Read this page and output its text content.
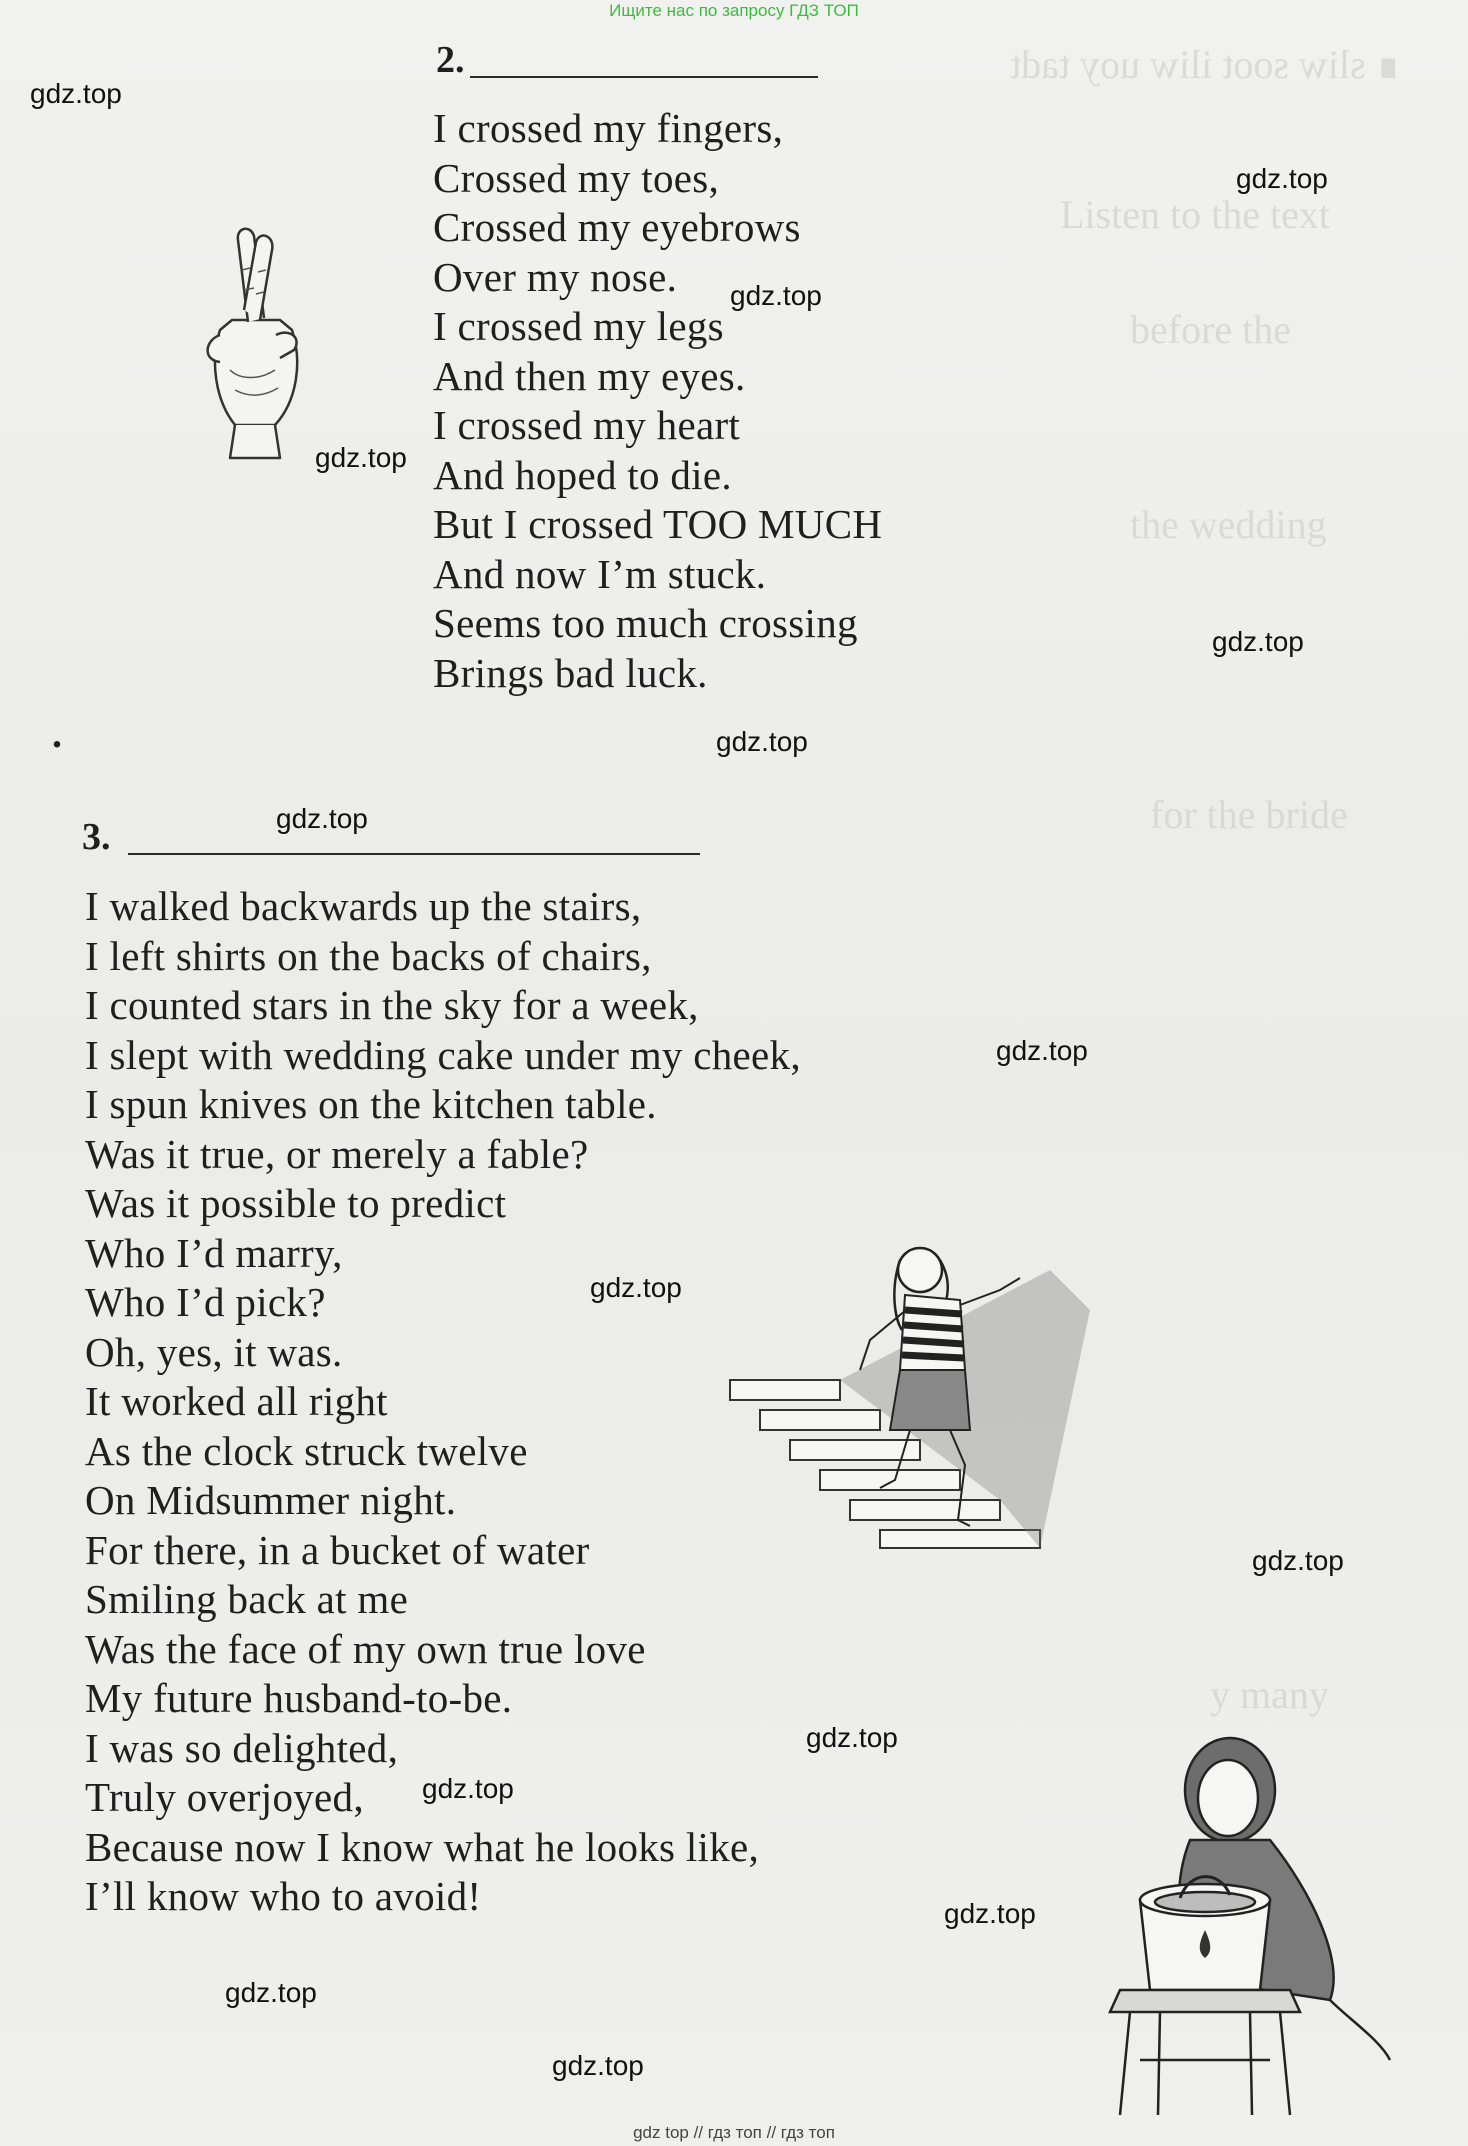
∎ sliw soot iliw uoy tadt
Listen to the text
before the
the wedding
for the bride
y many
Ищите нас по запросу ГДЗ ТОП
2.
I crossed my fingers,
Crossed my toes,
Crossed my eyebrows
Over my nose.
I crossed my legs
And then my eyes.
I crossed my heart
And hoped to die.
But I crossed TOO MUCH
And now I’m stuck.
Seems too much crossing
Brings bad luck.
.
3.
I walked backwards up the stairs,
I left shirts on the backs of chairs,
I counted stars in the sky for a week,
I slept with wedding cake under my cheek,
I spun knives on the kitchen table.
Was it true, or merely a fable?
Was it possible to predict
Who I’d marry,
Who I’d pick?
Oh, yes, it was.
It worked all right
As the clock struck twelve
On Midsummer night.
For there, in a bucket of water
Smiling back at me
Was the face of my own true love
My future husband-to-be.
I was so delighted,
Truly overjoyed,
Because now I know what he looks like,
I’ll know who to avoid!
gdz.top
gdz.top
gdz.top
gdz.top
gdz.top
gdz.top
gdz.top
gdz.top
gdz.top
gdz.top
gdz.top
gdz.top
gdz.top
gdz.top
gdz.top
gdz top // гдз топ // гдз топ
